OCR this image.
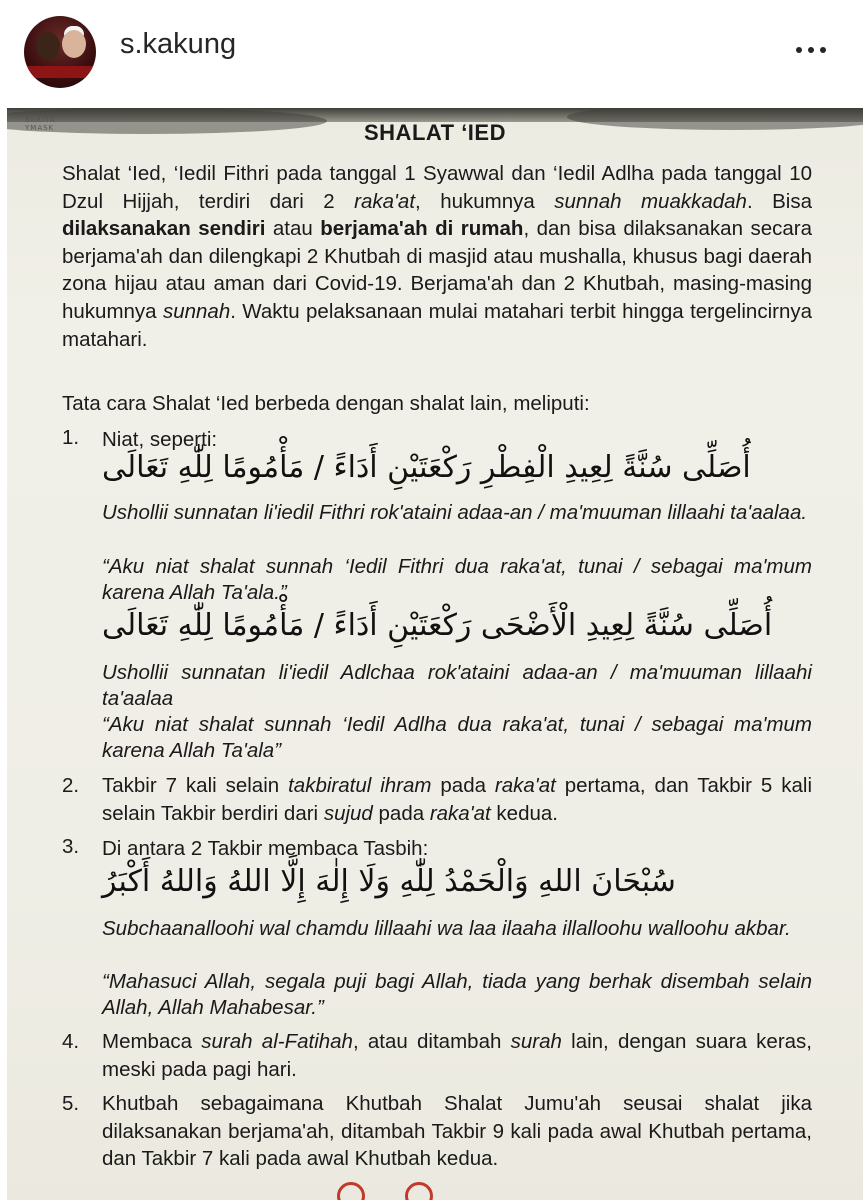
s.kakung
BERITA
YMASK	SHALAT ‘IED
Shalat ‘Ied, ‘Iedil Fithri pada tanggal 1 Syawwal dan ‘Iedil Adlha pada tanggal 10 Dzul Hijjah, terdiri dari 2 raka'at, hukumnya sunnah muakkadah. Bisa dilaksanakan sendiri atau berjama'ah di rumah, dan bisa dilaksanakan secara berjama'ah dan dilengkapi 2 Khutbah di masjid atau mushalla, khusus bagi daerah zona hijau atau aman dari Covid-19. Berjama'ah dan 2 Khutbah, masing-masing hukumnya sunnah. Waktu pelaksanaan mulai matahari terbit hingga tergelincirnya matahari.
Tata cara Shalat ‘Ied berbeda dengan shalat lain, meliputi:
1. Niat, seperti:
أُصَلِّى سُنَّةً لِعِيدِ الْفِطْرِ رَكْعَتَيْنِ أَدَاءً / مَأْمُومًا لِلّٰهِ تَعَالَى
Ushollii sunnatan li'iedil Fithri rok'ataini adaa-an / ma'muuman lillaahi ta'aalaa.
“Aku niat shalat sunnah ‘Iedil Fithri dua raka'at, tunai / sebagai ma'mum karena Allah Ta'ala.”
أُصَلِّى سُنَّةً لِعِيدِ الْأَضْحَى رَكْعَتَيْنِ أَدَاءً / مَأْمُومًا لِلّٰهِ تَعَالَى
Ushollii sunnatan li'iedil Adlchaa rok'ataini adaa-an / ma'muuman lillaahi ta'aalaa
“Aku niat shalat sunnah ‘Iedil Adlha dua raka'at, tunai / sebagai ma'mum karena Allah Ta'ala”
2. Takbir 7 kali selain takbiratul ihram pada raka'at pertama, dan Takbir 5 kali selain Takbir berdiri dari sujud pada raka'at kedua.
3. Di antara 2 Takbir membaca Tasbih:
سُبْحَانَ اللهِ وَالْحَمْدُ لِلّٰهِ وَلَا إِلٰهَ إِلَّا اللهُ وَاللهُ أَكْبَرُ
Subchaanalloohi wal chamdu lillaahi wa laa ilaaha illalloohu walloohu akbar.
“Mahasuci Allah, segala puji bagi Allah, tiada yang berhak disembah selain Allah, Allah Mahabesar.”
4. Membaca surah al-Fatihah, atau ditambah surah lain, dengan suara keras, meski pada pagi hari.
5. Khutbah sebagaimana Khutbah Shalat Jumu'ah seusai shalat jika dilaksanakan berjama'ah, ditambah Takbir 9 kali pada awal Khutbah pertama, dan Takbir 7 kali pada awal Khutbah kedua.
